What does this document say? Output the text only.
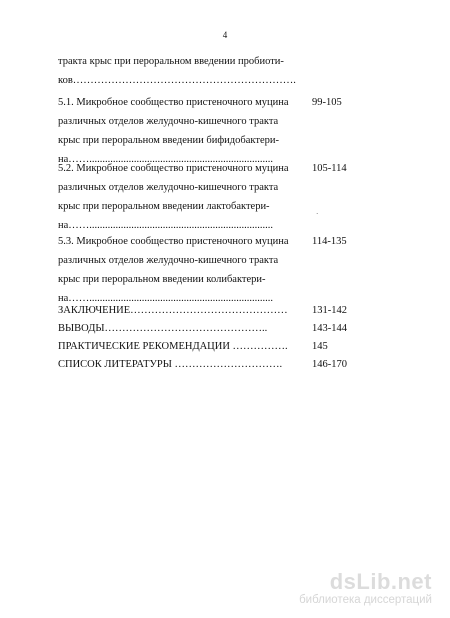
4
тракта крыс при пероральном введении пробиоти-
ков……………………………………………………….
5.1. Микробное сообщество пристеночного муцина 99-105
различных отделов желудочно-кишечного тракта
крыс при пероральном введении бифидобактери-
на……......................................................................
5.2. Микробное сообщество пристеночного муцина 105-114
различных отделов желудочно-кишечного тракта
крыс при пероральном введении лактобактери-
на……......................................................................
·
5.3. Микробное сообщество пристеночного муцина 114-135
различных отделов желудочно-кишечного тракта
крыс при пероральном введении колибактери-
на……......................................................................
ЗАКЛЮЧЕНИЕ……………………………………… 131-142
ВЫВОДЫ………………………………………..	143-144
ПРАКТИЧЕСКИЕ РЕКОМЕНДАЦИИ ……………. 145
СПИСОК ЛИТЕРАТУРЫ ………………………….	146-170
dsLib.net
библиотека диссертаций
